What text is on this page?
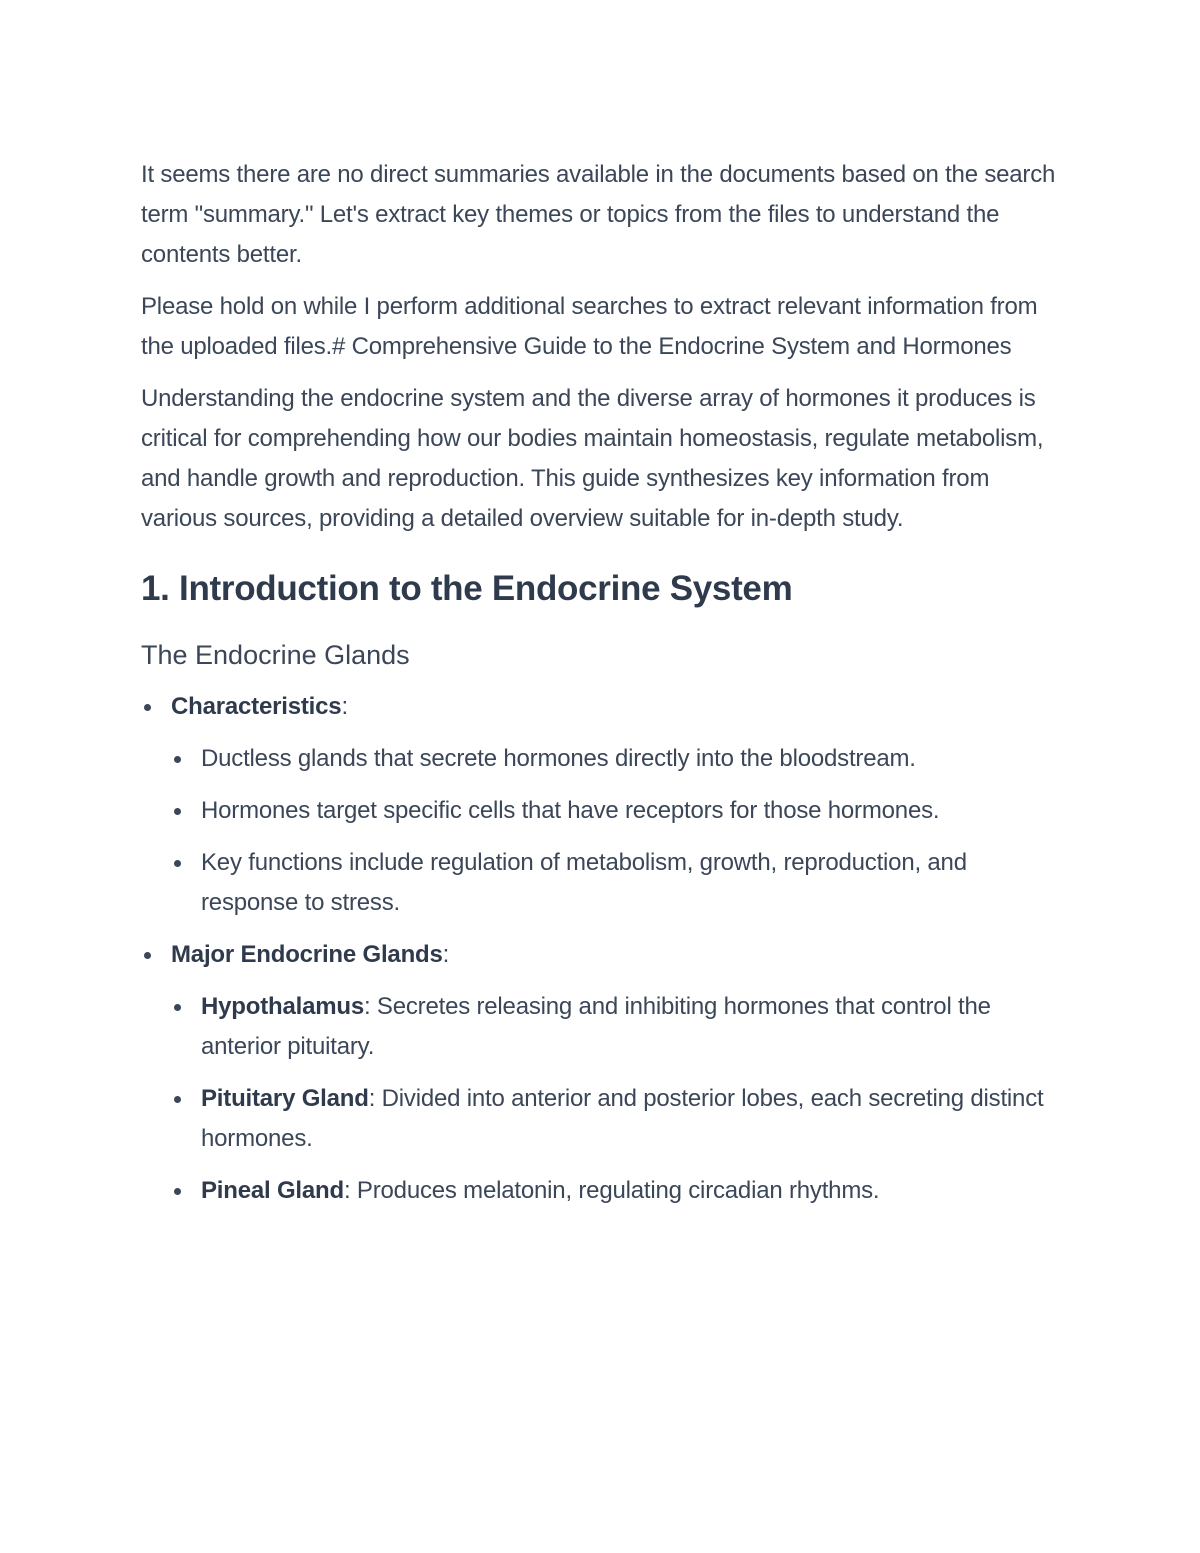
It seems there are no direct summaries available in the documents based on the search term "summary." Let's extract key themes or topics from the files to understand the contents better.

Please hold on while I perform additional searches to extract relevant information from the uploaded files.# Comprehensive Guide to the Endocrine System and Hormones

Understanding the endocrine system and the diverse array of hormones it produces is critical for comprehending how our bodies maintain homeostasis, regulate metabolism, and handle growth and reproduction. This guide synthesizes key information from various sources, providing a detailed overview suitable for in-depth study.

1. Introduction to the Endocrine System
The Endocrine Glands
Characteristics:
Ductless glands that secrete hormones directly into the bloodstream.
Hormones target specific cells that have receptors for those hormones.
Key functions include regulation of metabolism, growth, reproduction, and response to stress.
Major Endocrine Glands:
Hypothalamus: Secretes releasing and inhibiting hormones that control the anterior pituitary.
Pituitary Gland: Divided into anterior and posterior lobes, each secreting distinct hormones.
Pineal Gland: Produces melatonin, regulating circadian rhythms.
